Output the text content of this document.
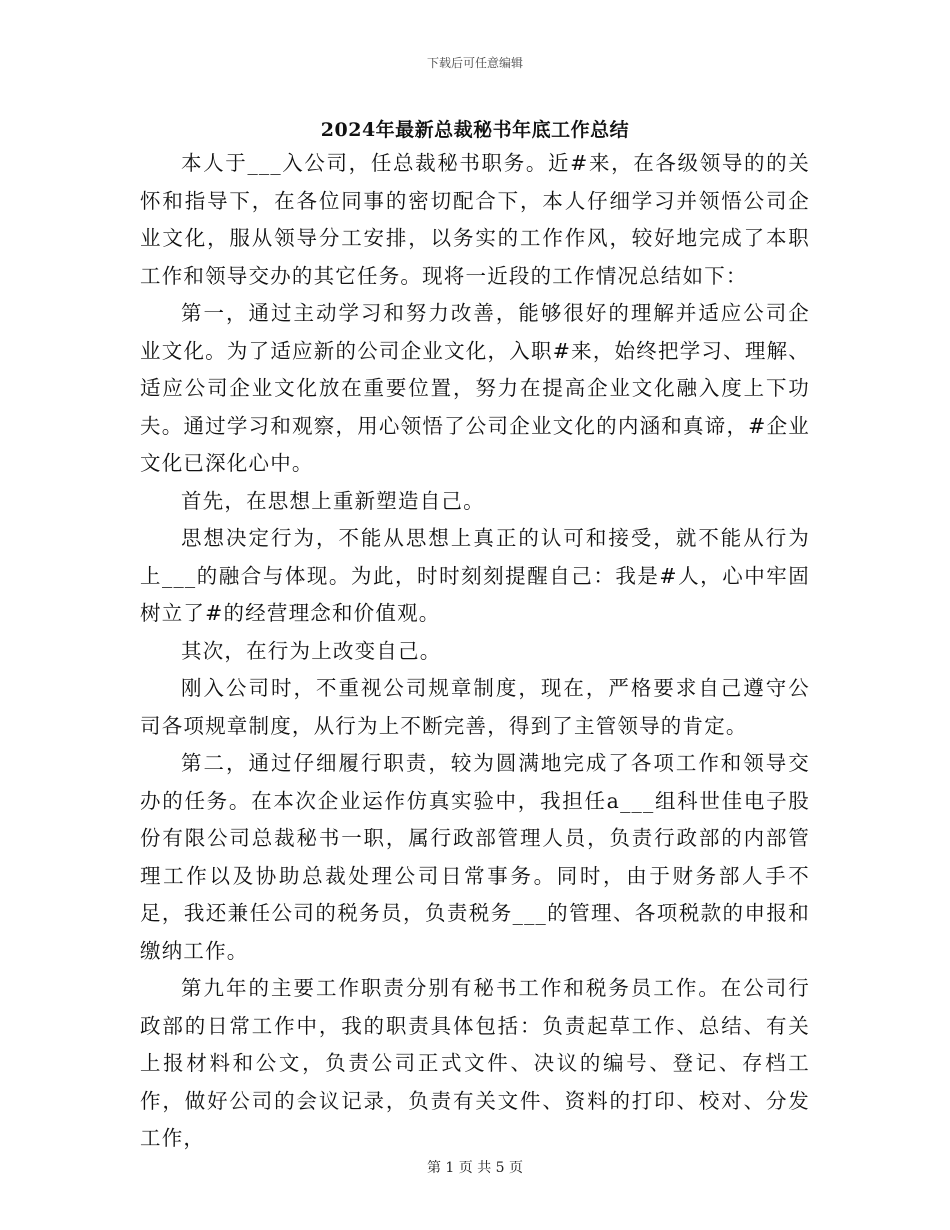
下载后可任意编辑
2024年最新总裁秘书年底工作总结

本人于___入公司，任总裁秘书职务。近#来，在各级领导的的关怀和指导下，在各位同事的密切配合下，本人仔细学习并领悟公司企业文化，服从领导分工安排，以务实的工作作风，较好地完成了本职工作和领导交办的其它任务。现将一近段的工作情况总结如下：

第一，通过主动学习和努力改善，能够很好的理解并适应公司企业文化。为了适应新的公司企业文化，入职#来，始终把学习、理解、适应公司企业文化放在重要位置，努力在提高企业文化融入度上下功夫。通过学习和观察，用心领悟了公司企业文化的内涵和真谛，#企业文化已深化心中。

首先，在思想上重新塑造自己。

思想决定行为，不能从思想上真正的认可和接受，就不能从行为上___的融合与体现。为此，时时刻刻提醒自己：我是#人，心中牢固树立了#的经营理念和价值观。

其次，在行为上改变自己。

刚入公司时，不重视公司规章制度，现在，严格要求自己遵守公司各项规章制度，从行为上不断完善，得到了主管领导的肯定。

第二，通过仔细履行职责，较为圆满地完成了各项工作和领导交办的任务。在本次企业运作仿真实验中，我担任a___组科世佳电子股份有限公司总裁秘书一职，属行政部管理人员，负责行政部的内部管理工作以及协助总裁处理公司日常事务。同时，由于财务部人手不足，我还兼任公司的税务员，负责税务___的管理、各项税款的申报和缴纳工作。

第九年的主要工作职责分别有秘书工作和税务员工作。在公司行政部的日常工作中，我的职责具体包括：负责起草工作、总结、有关上报材料和公文，负责公司正式文件、决议的编号、登记、存档工作，做好公司的会议记录，负责有关文件、资料的打印、校对、分发工作，

第 1 页 共 5 页
